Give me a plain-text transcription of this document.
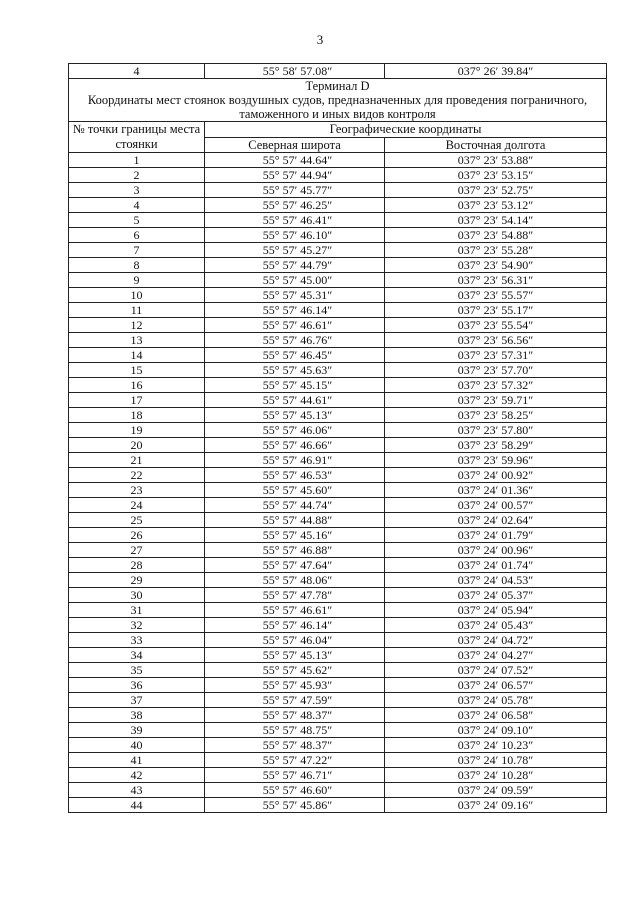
3
4	55° 58′ 57.08″	037° 26′ 39.84″

Терминал D
Координаты мест стоянок воздушных судов, предназначенных для проведения пограничного, таможенного и иных видов контроля		

№ точки границы места стоянки	Географические координаты	
	Северная широта	Восточная долгота
1	55° 57′ 44.64″	037° 23′ 53.88″
2	55° 57′ 44.94″	037° 23′ 53.15″
3	55° 57′ 45.77″	037° 23′ 52.75″
4	55° 57′ 46.25″	037° 23′ 53.12″
5	55° 57′ 46.41″	037° 23′ 54.14″
6	55° 57′ 46.10″	037° 23′ 54.88″
7	55° 57′ 45.27″	037° 23′ 55.28″
8	55° 57′ 44.79″	037° 23′ 54.90″
9	55° 57′ 45.00″	037° 23′ 56.31″
10	55° 57′ 45.31″	037° 23′ 55.57″
11	55° 57′ 46.14″	037° 23′ 55.17″
12	55° 57′ 46.61″	037° 23′ 55.54″
13	55° 57′ 46.76″	037° 23′ 56.56″
14	55° 57′ 46.45″	037° 23′ 57.31″
15	55° 57′ 45.63″	037° 23′ 57.70″
16	55° 57′ 45.15″	037° 23′ 57.32″
17	55° 57′ 44.61″	037° 23′ 59.71″
18	55° 57′ 45.13″	037° 23′ 58.25″
19	55° 57′ 46.06″	037° 23′ 57.80″
20	55° 57′ 46.66″	037° 23′ 58.29″
21	55° 57′ 46.91″	037° 23′ 59.96″
22	55° 57′ 46.53″	037° 24′ 00.92″
23	55° 57′ 45.60″	037° 24′ 01.36″
24	55° 57′ 44.74″	037° 24′ 00.57″
25	55° 57′ 44.88″	037° 24′ 02.64″
26	55° 57′ 45.16″	037° 24′ 01.79″
27	55° 57′ 46.88″	037° 24′ 00.96″
28	55° 57′ 47.64″	037° 24′ 01.74″
29	55° 57′ 48.06″	037° 24′ 04.53″
30	55° 57′ 47.78″	037° 24′ 05.37″
31	55° 57′ 46.61″	037° 24′ 05.94″
32	55° 57′ 46.14″	037° 24′ 05.43″
33	55° 57′ 46.04″	037° 24′ 04.72″
34	55° 57′ 45.13″	037° 24′ 04.27″
35	55° 57′ 45.62″	037° 24′ 07.52″
36	55° 57′ 45.93″	037° 24′ 06.57″
37	55° 57′ 47.59″	037° 24′ 05.78″
38	55° 57′ 48.37″	037° 24′ 06.58″
39	55° 57′ 48.75″	037° 24′ 09.10″
40	55° 57′ 48.37″	037° 24′ 10.23″
41	55° 57′ 47.22″	037° 24′ 10.78″
42	55° 57′ 46.71″	037° 24′ 10.28″
43	55° 57′ 46.60″	037° 24′ 09.59″
44	55° 57′ 45.86″	037° 24′ 09.16″
